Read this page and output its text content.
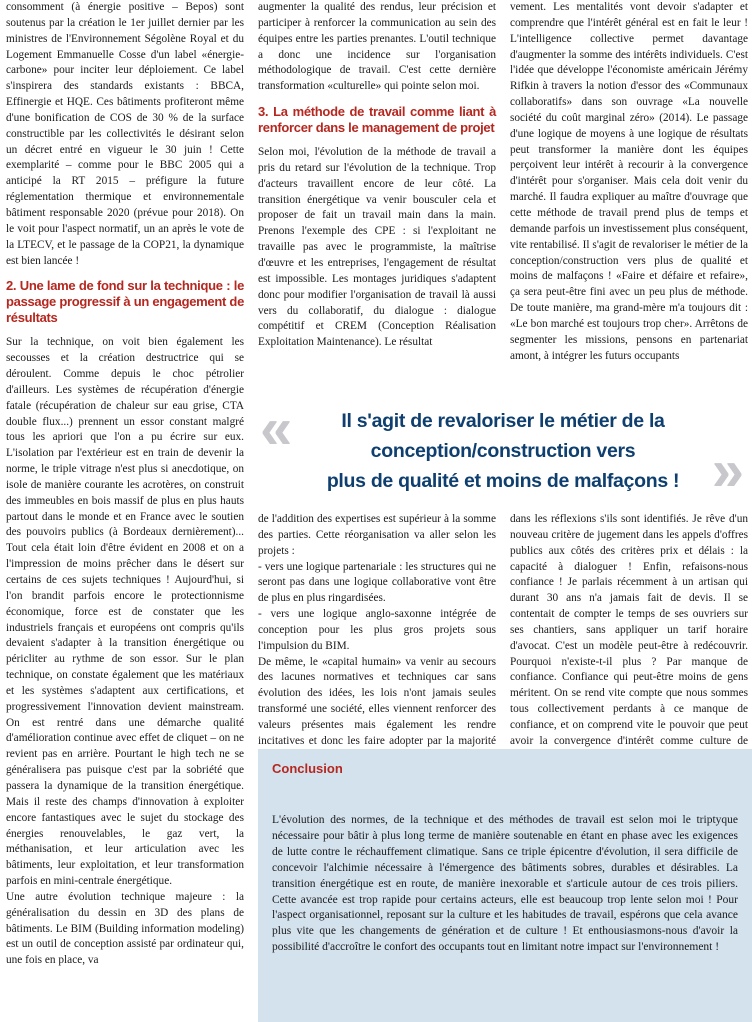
consomment (à énergie positive – Bepos) sont soutenus par la création le 1er juillet dernier par les ministres de l'Environnement Ségolène Royal et du Logement Emmanuelle Cosse d'un label «énergie-carbone» pour inciter leur déploiement. Ce label s'inspirera des standards existants : BBCA, Effinergie et HQE. Ces bâtiments profiteront même d'une bonification de COS de 30 % de la surface constructible par les collectivités le désirant selon un décret entré en vigueur le 30 juin ! Cette exemplarité – comme pour le BBC 2005 qui a anticipé la RT 2015 – préfigure la future réglementation thermique et environnementale bâtiment responsable 2020 (prévue pour 2018). On le voit pour l'aspect normatif, un an après le vote de la LTECV, et le passage de la COP21, la dynamique est bien lancée !

2. Une lame de fond sur la technique : le passage progressif à un engagement de résultats

Sur la technique, on voit bien également les secousses et la création destructrice qui se déroulent. Comme depuis le choc pétrolier d'ailleurs. Les systèmes de récupération d'énergie fatale (récupération de chaleur sur eau grise, CTA double flux...) prennent un essor constant malgré tous les apriori que l'on a pu écrire sur eux. L'isolation par l'extérieur est en train de devenir la norme, le triple vitrage n'est plus si anecdotique, on isole de manière courante les acrotères, on construit des immeubles en bois massif de plus en plus hauts partout dans le monde et en France avec le soutien des pouvoirs publics (à Bordeaux dernièrement)... Tout cela était loin d'être évident en 2008 et on a l'impression de moins prêcher dans le désert sur certains de ces sujets techniques ! Aujourd'hui, si l'on brandit parfois encore le protectionnisme économique, force est de constater que les industriels français et européens ont compris qu'ils devaient s'adapter à la transition énergétique ou péricliter au rythme de son essor. Sur le plan technique, on constate également que les matériaux et les systèmes s'adaptent aux certifications, et progressivement l'innovation devient mainstream. On est rentré dans une démarche qualité d'amélioration continue avec effet de cliquet – on ne revient pas en arrière. Pourtant le high tech ne se généralisera pas puisque c'est par la sobriété que passera la dynamique de la transition énergétique. Mais il reste des champs d'innovation à exploiter encore fantastiques avec le sujet du stockage des énergies renouvelables, le gaz vert, la méthanisation, et leur articulation avec les bâtiments, leur exploitation, et leur transformation parfois en mini-centrale énergétique.

Une autre évolution technique majeure : la généralisation du dessin en 3D des plans de bâtiments. Le BIM (Building information modeling) est un outil de conception assisté par ordinateur qui, une fois en place, va

augmenter la qualité des rendus, leur précision et participer à renforcer la communication au sein des équipes entre les parties prenantes. L'outil technique a donc une incidence sur l'organisation méthodologique de travail. C'est cette dernière transformation «culturelle» qui pointe selon moi.

3. La méthode de travail comme liant à renforcer dans le management de projet

Selon moi, l'évolution de la méthode de travail a pris du retard sur l'évolution de la technique. Trop d'acteurs travaillent encore de leur côté. La transition énergétique va venir bousculer cela et proposer de fait un travail main dans la main. Prenons l'exemple des CPE : si l'exploitant ne travaille pas avec le programmiste, la maîtrise d'œuvre et les entreprises, l'engagement de résultat est impossible. Les montages juridiques s'adaptent donc pour modifier l'organisation de travail là aussi vers du collaboratif, du dialogue : dialogue compétitif et CREM (Conception Réalisation Exploitation Maintenance). Le résultat

vement. Les mentalités vont devoir s'adapter et comprendre que l'intérêt général est en fait le leur ! L'intelligence collective permet davantage d'augmenter la somme des intérêts individuels. C'est l'idée que développe l'économiste américain Jérémy Rifkin à travers la notion d'essor des «Communaux collaboratifs» dans son ouvrage «La nouvelle société du coût marginal zéro» (2014). Le passage d'une logique de moyens à une logique de résultats peut transformer la manière dont les équipes perçoivent leur intérêt à recourir à la convergence d'intérêt pour s'organiser. Mais cela doit venir du marché. Il faudra expliquer au maître d'ouvrage que cette méthode de travail prend plus de temps et demande parfois un investissement plus conséquent, vite rentabilisé. Il s'agit de revaloriser le métier de la conception/construction vers plus de qualité et moins de malfaçons ! «Faire et défaire et refaire», ça sera peut-être fini avec un peu plus de méthode. De toute manière, ma grand-mère m'a toujours dit : «Le bon marché est toujours trop cher». Arrêtons de segmenter les missions, pensons en partenariat amont, à intégrer les futurs occupants

«	Il s'agit de revaloriser le métier de la
conception/construction vers
plus de qualité et moins de malfaçons ! »

de l'addition des expertises est supérieur à la somme des parties. Cette réorganisation va aller selon les projets :

- vers une logique partenariale : les structures qui ne seront pas dans une logique collaborative vont être de plus en plus ringardisées.

- vers une logique anglo-saxonne intégrée de conception pour les plus gros projets sous l'impulsion du BIM.

De même, le «capital humain» va venir au secours des lacunes normatives et techniques car sans évolution des idées, les lois n'ont jamais seules transformé une société, elles viennent renforcer des valeurs présentes mais également les rendre incitatives et donc les faire adopter par la majorité

dans les réflexions s'ils sont identifiés. Je rêve d'un nouveau critère de jugement dans les appels d'offres publics aux côtés des critères prix et délais : la capacité à dialoguer ! Enfin, refaisons-nous confiance ! Je parlais récemment à un artisan qui durant 30 ans n'a jamais fait de devis. Il se contentait de compter le temps de ses ouvriers sur ses chantiers, sans appliquer un tarif horaire d'avocat. C'est un modèle peut-être à redécouvrir. Pourquoi n'existe-t-il plus ? Par manque de confiance. Confiance qui peut-être moins de gens méritent. On se rend vite compte que nous sommes tous collectivement perdants à ce manque de confiance, et on comprend vite le pouvoir que peut avoir la convergence d'intérêt comme culture de

Conclusion
L'évolution des normes, de la technique et des méthodes de travail est selon moi le triptyque nécessaire pour bâtir à plus long terme de manière soutenable en étant en phase avec les exigences de lutte contre le réchauffement climatique. Sans ce triple épicentre d'évolution, il sera difficile de concevoir l'alchimie nécessaire à l'émergence des bâtiments sobres, durables et désirables. La transition énergétique est en route, de manière inexorable et s'articule autour de ces trois piliers. Cette avancée est trop rapide pour certains acteurs, elle est beaucoup trop lente selon moi ! Pour l'aspect organisationnel, reposant sur la culture et les habitudes de travail, espérons que cela avance plus vite que les changements de génération et de culture ! Et enthousiasmons-nous d'avoir la possibilité d'accroître le confort des occupants tout en limitant notre impact sur l'environnement !
